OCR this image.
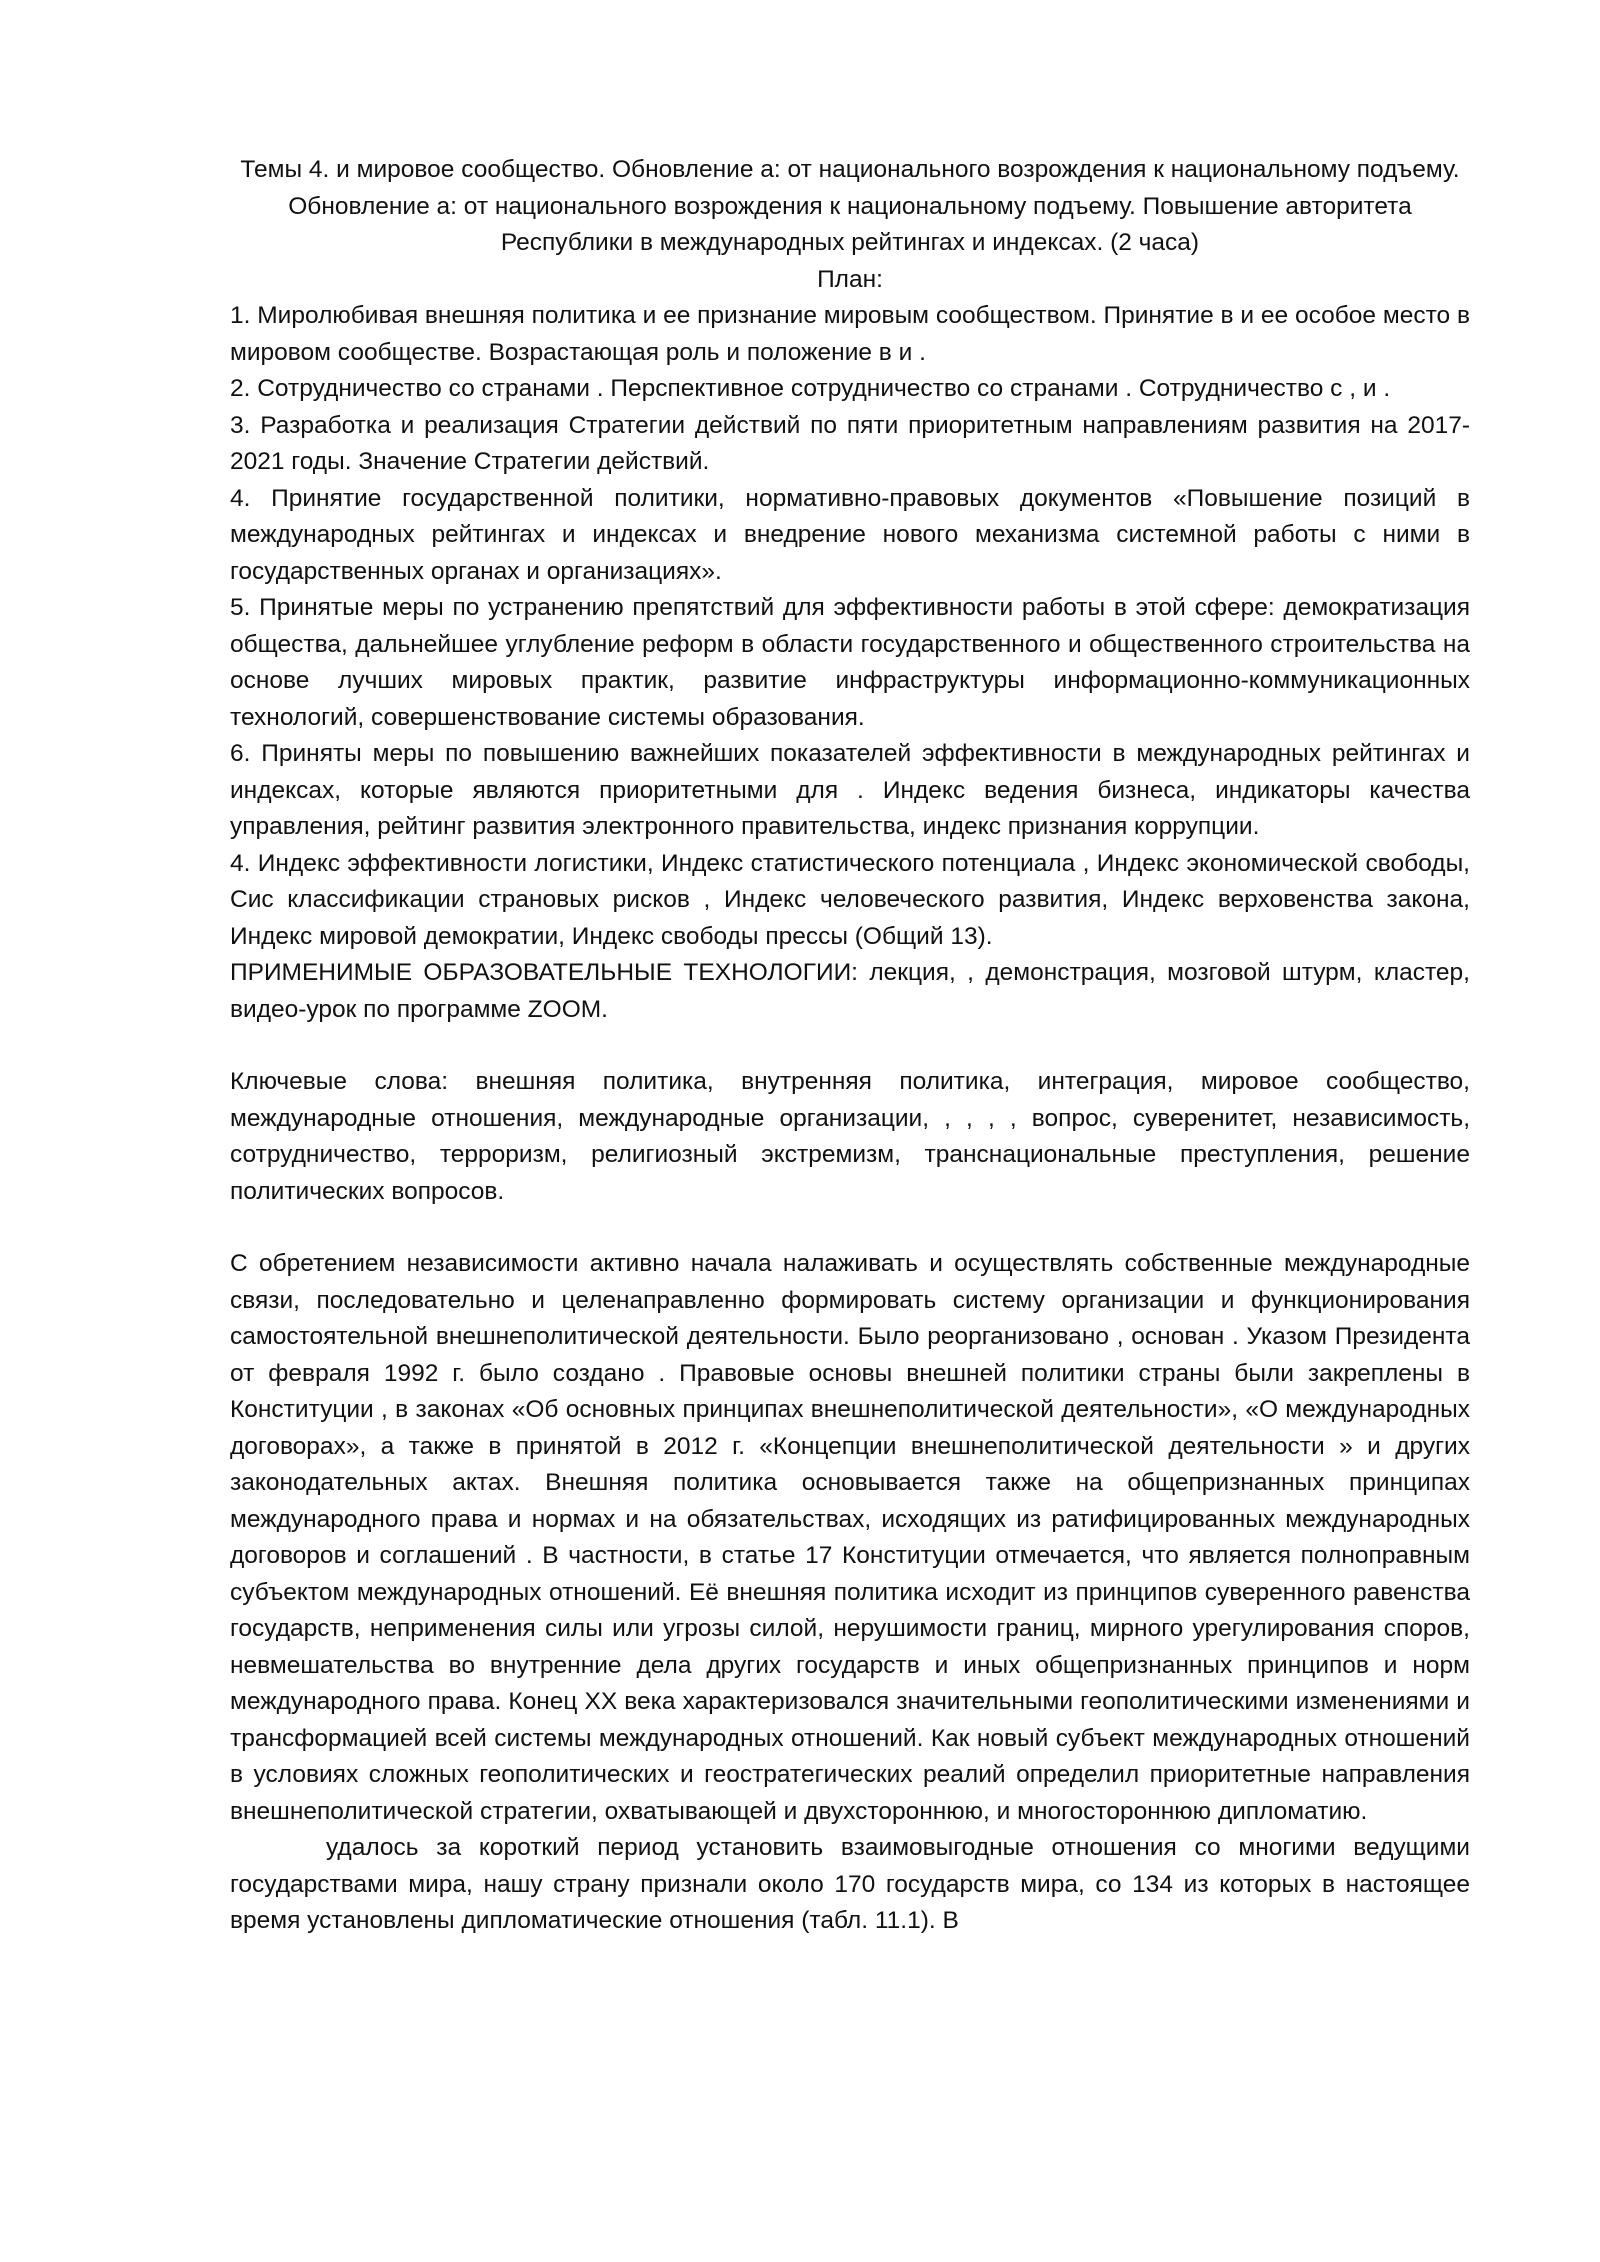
Темы 4. и мировое сообщество. Обновление а: от национального возрождения к национальному подъему. Обновление а: от национального возрождения к национальному подъему. Повышение авторитета Республики в международных рейтингах и индексах. (2 часа)

План:

1. Миролюбивая внешняя политика и ее признание мировым сообществом. Принятие в и ее особое место в мировом сообществе. Возрастающая роль и положение в и .

2. Сотрудничество со странами . Перспективное сотрудничество со странами . Сотрудничество с , и .

3. Разработка и реализация Стратегии действий по пяти приоритетным направлениям развития на 2017-2021 годы. Значение Стратегии действий.

4. Принятие государственной политики, нормативно-правовых документов «Повышение позиций в международных рейтингах и индексах и внедрение нового механизма системной работы с ними в государственных органах и организациях».

5. Принятые меры по устранению препятствий для эффективности работы в этой сфере: демократизация общества, дальнейшее углубление реформ в области государственного и общественного строительства на основе лучших мировых практик, развитие инфраструктуры информационно-коммуникационных технологий, совершенствование системы образования.

6. Приняты меры по повышению важнейших показателей эффективности в международных рейтингах и индексах, которые являются приоритетными для . Индекс ведения бизнеса, индикаторы качества управления, рейтинг развития электронного правительства, индекс признания коррупции.

4. Индекс эффективности логистики, Индекс статистического потенциала , Индекс экономической свободы, Сис классификации страновых рисков , Индекс человеческого развития, Индекс верховенства закона, Индекс мировой демократии, Индекс свободы прессы (Общий 13).

ПРИМЕНИМЫЕ ОБРАЗОВАТЕЛЬНЫЕ ТЕХНОЛОГИИ: лекция, , демонстрация, мозговой штурм, кластер, видео-урок по программе ZOOM.

Ключевые слова: внешняя политика, внутренняя политика, интеграция, мировое сообщество, международные отношения, международные организации, , , , , вопрос, суверенитет, независимость, сотрудничество, терроризм, религиозный экстремизм, транснациональные преступления, решение политических вопросов.

С обретением независимости активно начала налаживать и осуществлять собственные международные связи, последовательно и целенаправленно формировать систему организации и функционирования самостоятельной внешнеполитической деятельности. Было реорганизовано , основан . Указом Президента от февраля 1992 г. было создано . Правовые основы внешней политики страны были закреплены в Конституции , в законах «Об основных принципах внешнеполитической деятельности», «О международных договорах», а также в принятой в 2012 г. «Концепции внешнеполитической деятельности » и других законодательных актах. Внешняя политика основывается также на общепризнанных принципах международного права и нормах и на обязательствах, исходящих из ратифицированных международных договоров и соглашений . В частности, в статье 17 Конституции отмечается, что является полноправным субъектом международных отношений. Её внешняя политика исходит из принципов суверенного равенства государств, неприменения силы или угрозы силой, нерушимости границ, мирного урегулирования споров, невмешательства во внутренние дела других государств и иных общепризнанных принципов и норм международного права. Конец XX века характеризовался значительными геополитическими изменениями и трансформацией всей системы международных отношений. Как новый субъект международных отношений в условиях сложных геополитических и геостратегических реалий определил приоритетные направления внешнеполитической стратегии, охватывающей и двухстороннюю, и многостороннюю дипломатию.

удалось за короткий период установить взаимовыгодные отношения со многими ведущими государствами мира, нашу страну признали около 170 государств мира, со 134 из которых в настоящее время установлены дипломатические отношения (табл. 11.1). В
